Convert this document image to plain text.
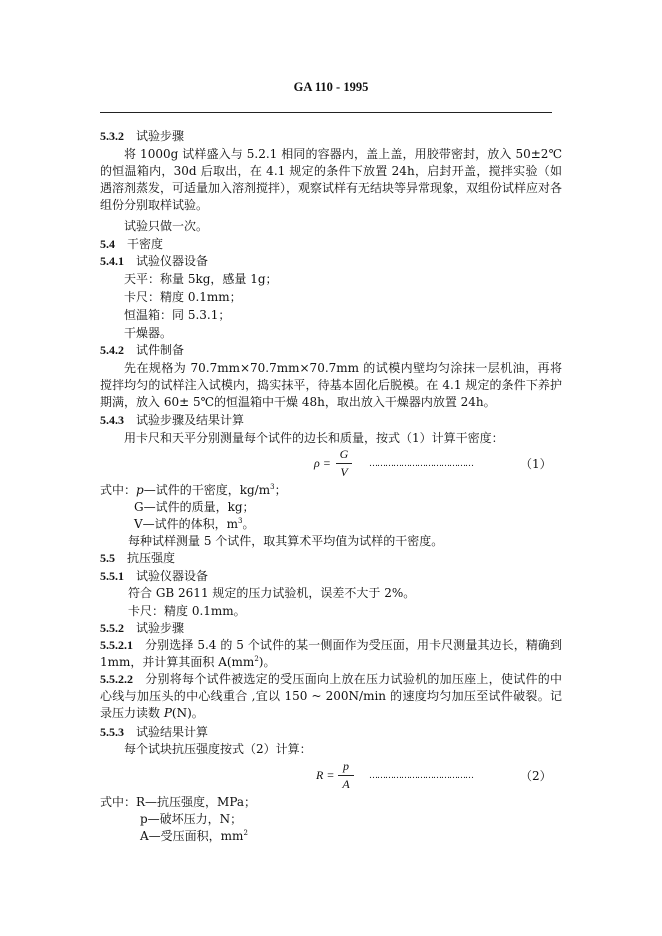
GA 110 - 1995
5.3.2 试验步骤
将 1000g 试样盛入与 5.2.1 相同的容器内，盖上盖，用胶带密封，放入 50±2℃的恒温箱内，30d 后取出，在 4.1 规定的条件下放置 24h，启封开盖，搅拌实验（如遇溶剂蒸发，可适量加入溶剂搅拌），观察试样有无结块等异常现象，双组份试样应对各组份分别取样试验。
试验只做一次。
5.4 干密度
5.4.1 试验仪器设备
天平：称量 5kg，感量 1g；
卡尺：精度 0.1mm；
恒温箱：同 5.3.1；
干燥器。
5.4.2 试件制备
先在规格为 70.7mm×70.7mm×70.7mm 的试模内壁均匀涂抹一层机油，再将搅拌均匀的试样注入试模内，捣实抹平，待基本固化后脱模。在 4.1 规定的条件下养护期满，放入 60± 5℃的恒温箱中干燥 48h，取出放入干燥器内放置 24h。
5.4.3 试验步骤及结果计算
用卡尺和天平分别测量每个试件的边长和质量，按式（1）计算干密度：
ρ =
G
V
…………………………………	（1）
式中：p—试件的干密度，$kg/m^3$；
G—试件的质量，kg；
V—试件的体积，$m^3$。
每种试样测量 5 个试件，取其算术平均值为试样的干密度。
5.5 抗压强度
5.5.1 试验仪器设备
符合 GB 2611 规定的压力试验机，误差不大于 2%。
卡尺：精度 0.1mm。
5.5.2 试验步骤
5.5.2.1 分别选择 5.4 的 5 个试件的某一侧面作为受压面，用卡尺测量其边长，精确到 1mm，并计算其面积 $A(mm^2)$。
5.5.2.2 分别将每个试件被选定的受压面向上放在压力试验机的加压座上，使试件的中心线与加压头的中心线重合 ,宜以 150 ~ 200N/min 的速度均匀加压至试件破裂。记录压力读数 P(N)。
5.5.3 试验结果计算
每个试块抗压强度按式（2）计算：
R =
p
A
…………………………………	（2）
式中：R—抗压强度，MPa；
p—破坏压力，N；
A—受压面积，$mm^2$
